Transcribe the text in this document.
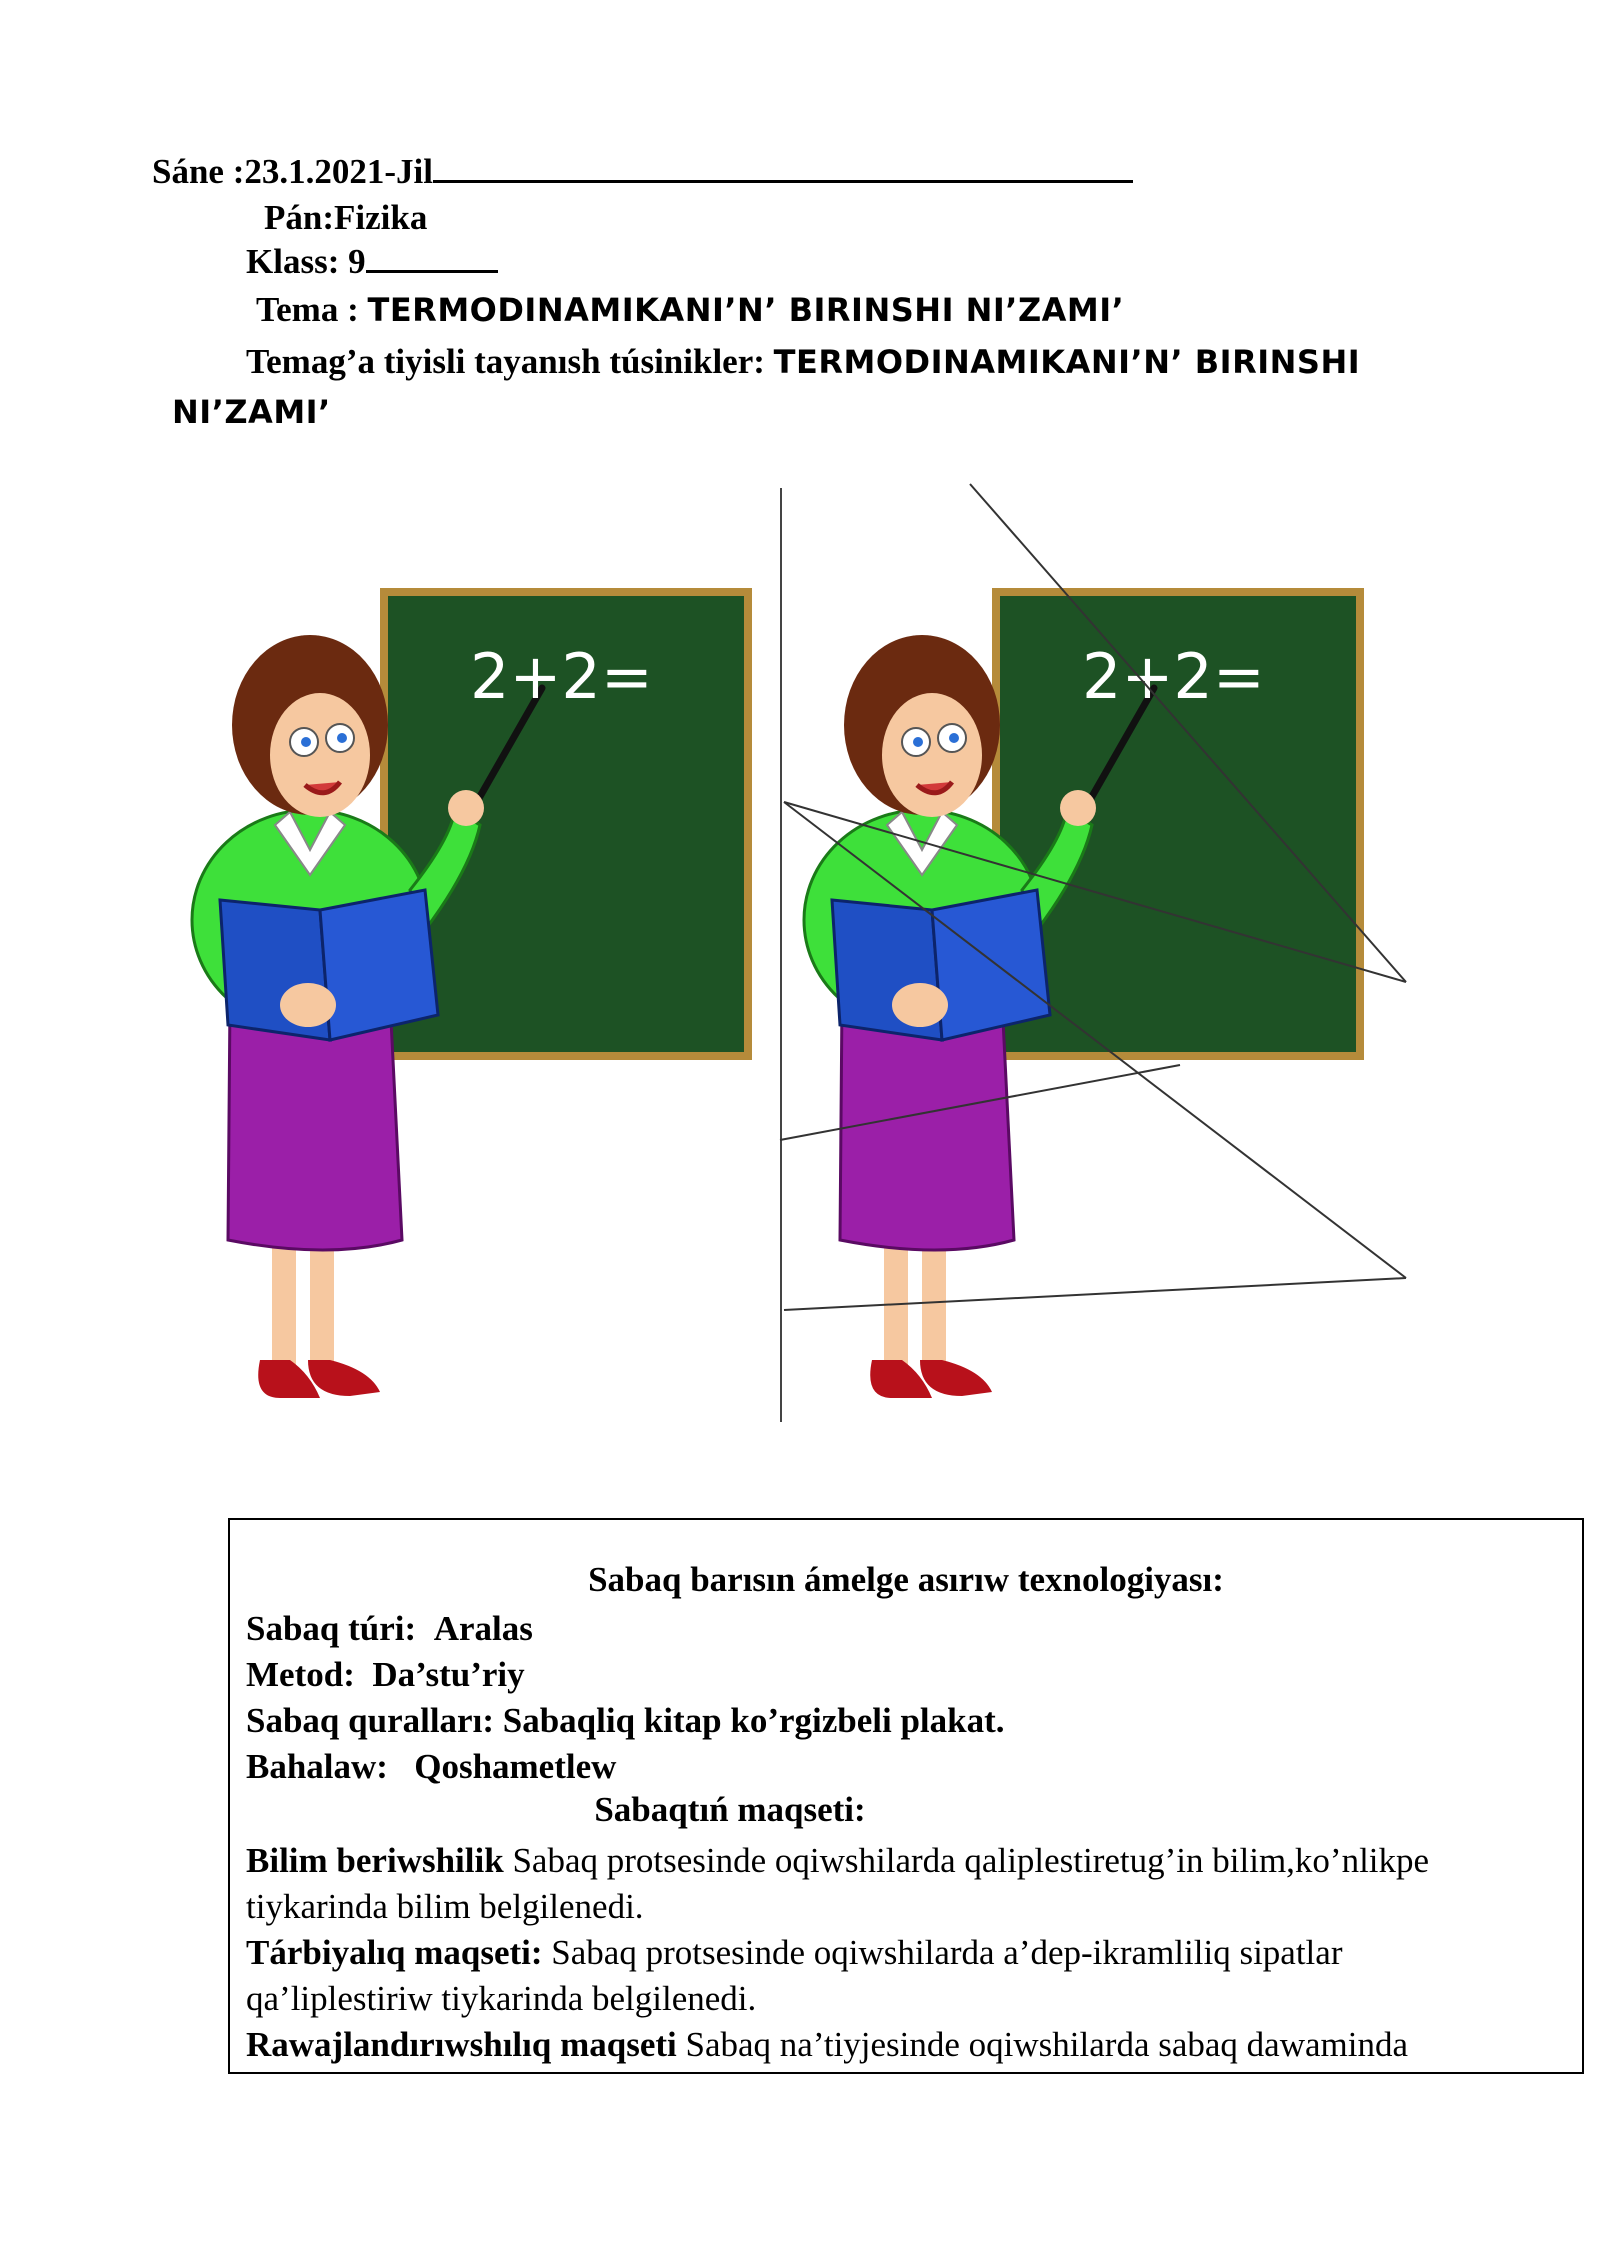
Sáne :23.1.2021-Jil
Pán:Fizika
Klass: 9
Tema : TERMODINAMIKANI’N’ BIRINSHI NI’ZAMI’
Temag’a tiyisli tayanısh túsinikler: TERMODINAMIKANI’N’ BIRINSHI
NI’ZAMI’
2+2=	2+2=
Sabaq barısın ámelge asırıw texnologiyası:
Sabaq túri: Aralas
Metod: Da’stu’riy
Sabaq quralları: Sabaqliq kitap ko’rgizbeli plakat.
Bahalaw: Qoshametlew
Sabaqtıń maqseti:
Bilim beriwshilik Sabaq protsesinde oqiwshilarda qaliplestiretug’in bilim,ko’nlikpe
tiykarinda bilim belgilenedi.
Tárbiyalıq maqseti: Sabaq protsesinde oqiwshilarda a’dep-ikramliliq sipatlar
qa’liplestiriw tiykarinda belgilenedi.
Rawajlandırıwshılıq maqseti Sabaq na’tiyjesinde oqiwshilarda sabaq dawaminda
